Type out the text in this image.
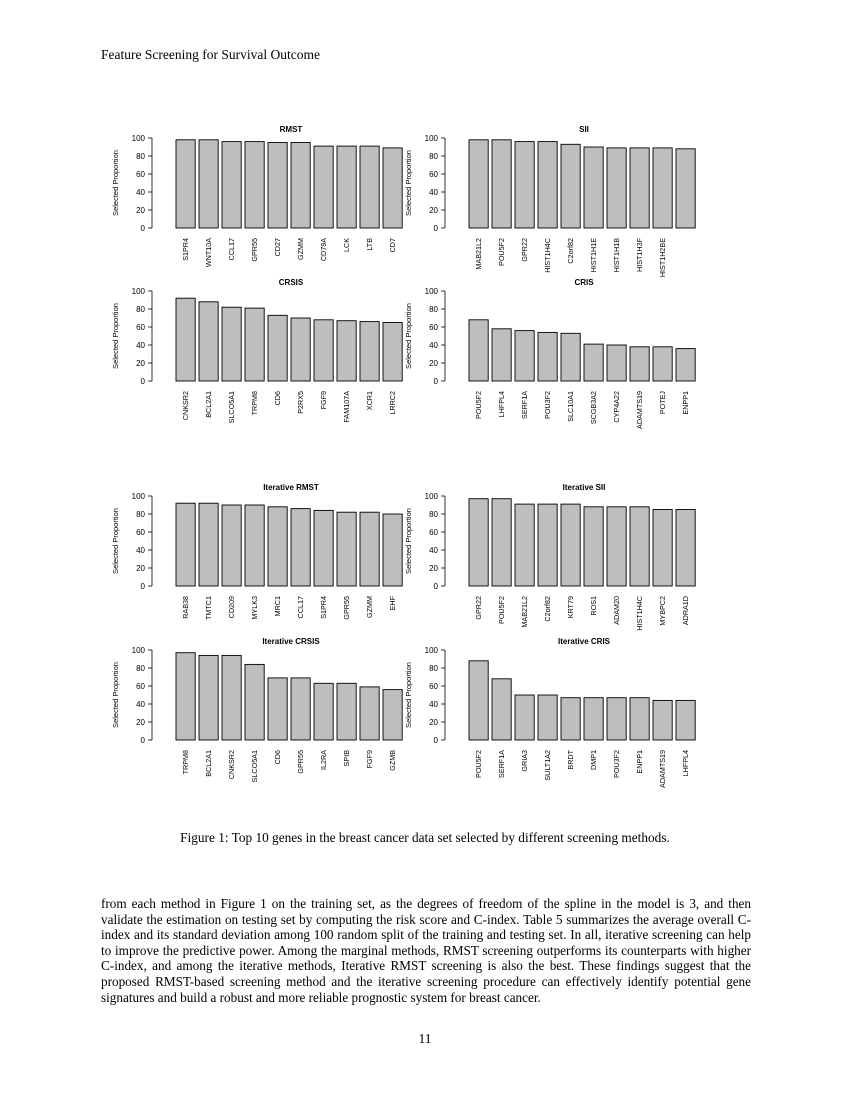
Feature Screening for Survival Outcome
RMST
0
20
40
60
80
100
Selected Proportion
S1PR4 WNT10A CCL17 GPR55 CD27 GZMM CD79A LCK LTB CD7
SII
0
20
40
60
80
100
Selected Proportion
MAB21L2 POU5F2 GPR22 HIST1H4C C2orf82 HIST1H1E HIST1H1B HIST1H3F HIST1H2BE
CRSIS
0
20
40
60
80
100
Selected Proportion
CNKSR2 BCL2A1 SLCO5A1 TRPM8 CD6 P2RX5 FGF9 FAM107A XCR1 LRRC2
CRIS
0
20
40
60
80
100
Selected Proportion
POU5F2 LHFPL4 SERF1A POU3F2 SLC10A1 SCGB3A2 CYP4A22 ADAMTS19 POTEJ ENPP1
Iterative RMST
0
20
40
60
80
100
Selected Proportion
RAB38 TMTC1 CD209 MYLK3 MRC1 CCL17 S1PR4 GPR55 GZMM EHF
Iterative SII
0
20
40
60
80
100
Selected Proportion
GPR22 POU5F2 MAB21L2 C2orf82 KRT79 ROS1 ADAM20 HIST1H4C MYBPC2 ADRA1D
Iterative CRSIS
0
20
40
60
80
100
Selected Proportion
TRPM8 BCL2A1 CNKSR2 SLCO5A1 CD6 GPR55 IL2RA SPIB FGF9 GZMB
Iterative CRIS
0
20
40
60
80
100
Selected Proportion
POU5F2 SERF1A GRIA3 SULT1A2 BRDT DMP1 POU3F2 ENPP1 ADAMTS19 LHFPL4
Figure 1: Top 10 genes in the breast cancer data set selected by different screening methods.

from each method in Figure 1 on the training set, as the degrees of freedom of the spline in the model is 3, and then validate the estimation on testing set by computing the risk score and C-index. Table 5 summarizes the average overall C-index and its standard deviation among 100 random split of the training and testing set. In all, iterative screening can help to improve the predictive power. Among the marginal methods, RMST screening outperforms its counterparts with higher C-index, and among the iterative methods, Iterative RMST screening is also the best. These findings suggest that the proposed RMST-based screening method and the iterative screening procedure can effectively identify potential gene signatures and build a robust and more reliable prognostic system for breast cancer.

11
